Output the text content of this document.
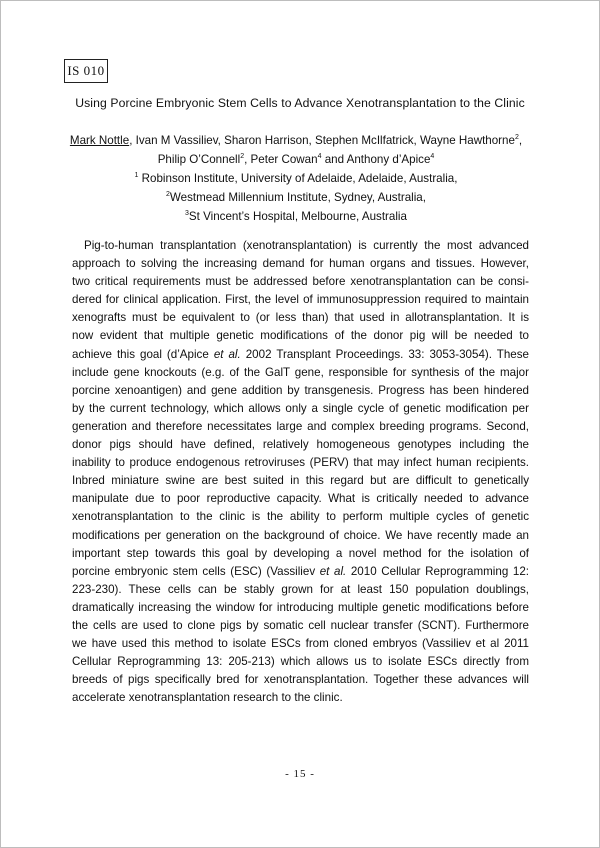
IS 010
Using Porcine Embryonic Stem Cells to Advance Xenotransplantation to the Clinic
Mark Nottle, Ivan M Vassiliev, Sharon Harrison, Stephen McIlfatrick, Wayne Hawthorne$^2$,
Philip O’Connell$^2$, Peter Cowan$^4$ and Anthony d’Apice$^4$
$^1$ Robinson Institute, University of Adelaide, Adelaide, Australia,
$^2$Westmead Millennium Institute, Sydney, Australia,
$^3$St Vincent’s Hospital, Melbourne, Australia
Pig-to-human transplantation (xenotransplantation) is currently the most advanced
approach to solving the increasing demand for human organs and tissues. However,
two critical requirements must be addressed before xenotransplantation can be consi-
dered for clinical application. First, the level of immunosuppression required to maintain
xenografts must be equivalent to (or less than) that used in allotransplantation. It is
now evident that multiple genetic modifications of the donor pig will be needed to
achieve this goal (d’Apice et al. 2002 Transplant Proceedings. 33: 3053-3054). These
include gene knockouts (e.g. of the GalT gene, responsible for synthesis of the major
porcine xenoantigen) and gene addition by transgenesis. Progress has been hindered
by the current technology, which allows only a single cycle of genetic modification per
generation and therefore necessitates large and complex breeding programs. Second,
donor pigs should have defined, relatively homogeneous genotypes including the
inability to produce endogenous retroviruses (PERV) that may infect human recipients.
Inbred miniature swine are best suited in this regard but are difficult to genetically
manipulate due to poor reproductive capacity. What is critically needed to advance
xenotransplantation to the clinic is the ability to perform multiple cycles of genetic
modifications per generation on the background of choice. We have recently made an
important step towards this goal by developing a novel method for the isolation of
porcine embryonic stem cells (ESC) (Vassiliev et al. 2010 Cellular Reprogramming 12:
223-230). These cells can be stably grown for at least 150 population doublings,
dramatically increasing the window for introducing multiple genetic modifications before
the cells are used to clone pigs by somatic cell nuclear transfer (SCNT). Furthermore
we have used this method to isolate ESCs from cloned embryos (Vassiliev et al 2011
Cellular Reprogramming 13: 205-213) which allows us to isolate ESCs directly from
breeds of pigs specifically bred for xenotransplantation. Together these advances will
accelerate xenotransplantation research to the clinic.
- 15 -
